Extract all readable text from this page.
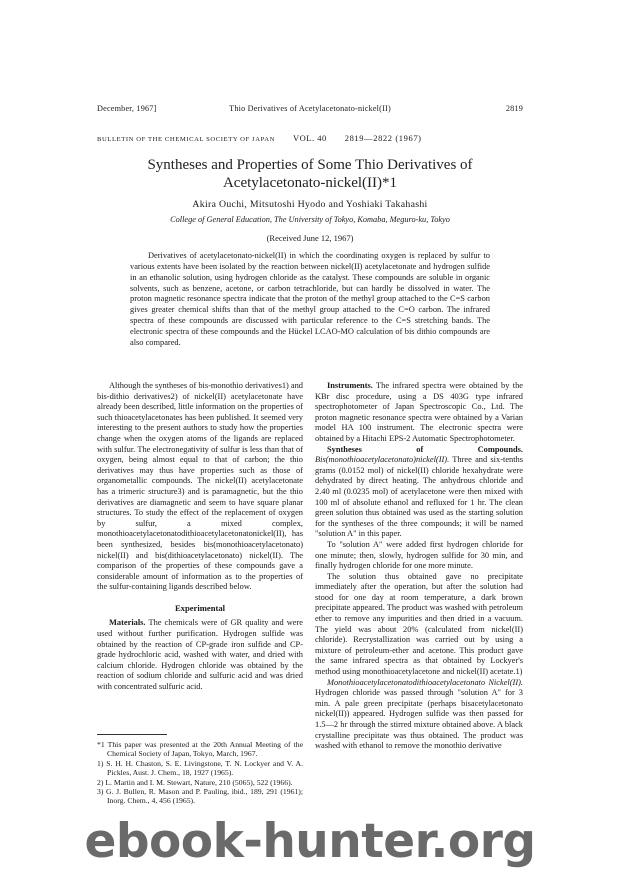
December, 1967]	Thio Derivatives of Acetylacetonato-nickel(II)	2819
BULLETIN OF THE CHEMICAL SOCIETY OF JAPAN VOL. 40 2819—2822 (1967)
Syntheses and Properties of Some Thio Derivatives of
Acetylacetonato-nickel(II)*1
Akira Ouchi, Mitsutoshi Hyodo and Yoshiaki Takahashi
College of General Education, The University of Tokyo, Komaba, Meguro-ku, Tokyo
(Received June 12, 1967)
Derivatives of acetylacetonato-nickel(II) in which the coordinating oxygen is replaced by sulfur to various extents have been isolated by the reaction between nickel(II) acetylacetonate and hydrogen sulfide in an ethanolic solution, using hydrogen chloride as the catalyst. These compounds are soluble in organic solvents, such as benzene, acetone, or carbon tetrachloride, but can hardly be dissolved in water. The proton magnetic resonance spectra indicate that the proton of the methyl group attached to the C=S carbon gives greater chemical shifts than that of the methyl group attached to the C=O carbon. The infrared spectra of these compounds are discussed with particular reference to the C=S stretching bands. The electronic spectra of these compounds and the Hückel LCAO-MO calculation of bis dithio compounds are also compared.

Although the syntheses of bis-monothio derivatives1) and bis-dithio derivatives2) of nickel(II) acetylacetonate have already been described, little information on the properties of such thioacetylacetonates has been published. It seemed very interesting to the present authors to study how the properties change when the oxygen atoms of the ligands are replaced with sulfur. The electronegativity of sulfur is less than that of oxygen, being almost equal to that of carbon; the thio derivatives may thus have properties such as those of organometallic compounds. The nickel(II) acetylacetonate has a trimeric structure3) and is paramagnetic, but the thio derivatives are diamagnetic and seem to have square planar structures. To study the effect of the replacement of oxygen by sulfur, a mixed complex, monothioacetylacetonatodithioacetylacetonatonickel(II), has been synthesized, besides bis(monothioacetylacetonato) nickel(II) and bis(dithioacetylacetonato) nickel(II). The comparison of the properties of these compounds gave a considerable amount of information as to the properties of the sulfur-containing ligands described below.

Experimental

Materials. The chemicals were of GR quality and were used without further purification. Hydrogen sulfide was obtained by the reaction of CP-grade iron sulfide and CP-grade hydrochloric acid, washed with water, and dried with calcium chloride. Hydrogen chloride was obtained by the reaction of sodium chloride and sulfuric acid and was dried with concentrated sulfuric acid.

Instruments. The infrared spectra were obtained by the KBr disc procedure, using a DS 403G type infrared spectrophotometer of Japan Spectroscopic Co., Ltd. The proton magnetic resonance spectra were obtained by a Varian model HA 100 instrument. The electronic spectra were obtained by a Hitachi EPS-2 Automatic Spectrophotometer.

Syntheses of Compounds. Bis(monothioacetylacetonato)nickel(II). Three and six-tenths grams (0.0152 mol) of nickel(II) chloride hexahydrate were dehydrated by direct heating. The anhydrous chloride and 2.40 ml (0.0235 mol) of acetylacetone were then mixed with 100 ml of absolute ethanol and refluxed for 1 hr. The clean green solution thus obtained was used as the starting solution for the syntheses of the three compounds; it will be named "solution A" in this paper.

To "solution A" were added first hydrogen chloride for one minute; then, slowly, hydrogen sulfide for 30 min, and finally hydrogen chloride for one more minute.

The solution thus obtained gave no precipitate immediately after the operation, but after the solution had stood for one day at room temperature, a dark brown precipitate appeared. The product was washed with petroleum ether to remove any impurities and then dried in a vacuum. The yield was about 20% (calculated from nickel(II) chloride). Recrystallization was carried out by using a mixture of petroleum-ether and acetone. This product gave the same infrared spectra as that obtained by Lockyer's method using monothioacetylacetone and nickel(II) acetate.1)

Monothioacetylacetonatodithioacetylacetonato Nickel(II). Hydrogen chloride was passed through "solution A" for 3 min. A pale green precipitate (perhaps bisacetylacetonato nickel(II)) appeared. Hydrogen sulfide was then passed for 1.5—2 hr through the stirred mixture obtained above. A black crystalline precipitate was thus obtained. The product was washed with ethanol to remove the monothio derivative

*1 This paper was presented at the 20th Annual Meeting of the Chemical Society of Japan, Tokyo, March, 1967.

1) S. H. H. Chaston, S. E. Livingstone, T. N. Lockyer and V. A. Pickles, Aust. J. Chem., 18, 1927 (1965).

2) L. Martin and I. M. Stewart, Nature, 210 (5065), 522 (1966).

3) G. J. Bullen, R. Mason and P. Pauling, ibid., 189, 291 (1961); Inorg. Chem., 4, 456 (1965).

ebook-hunter.org
